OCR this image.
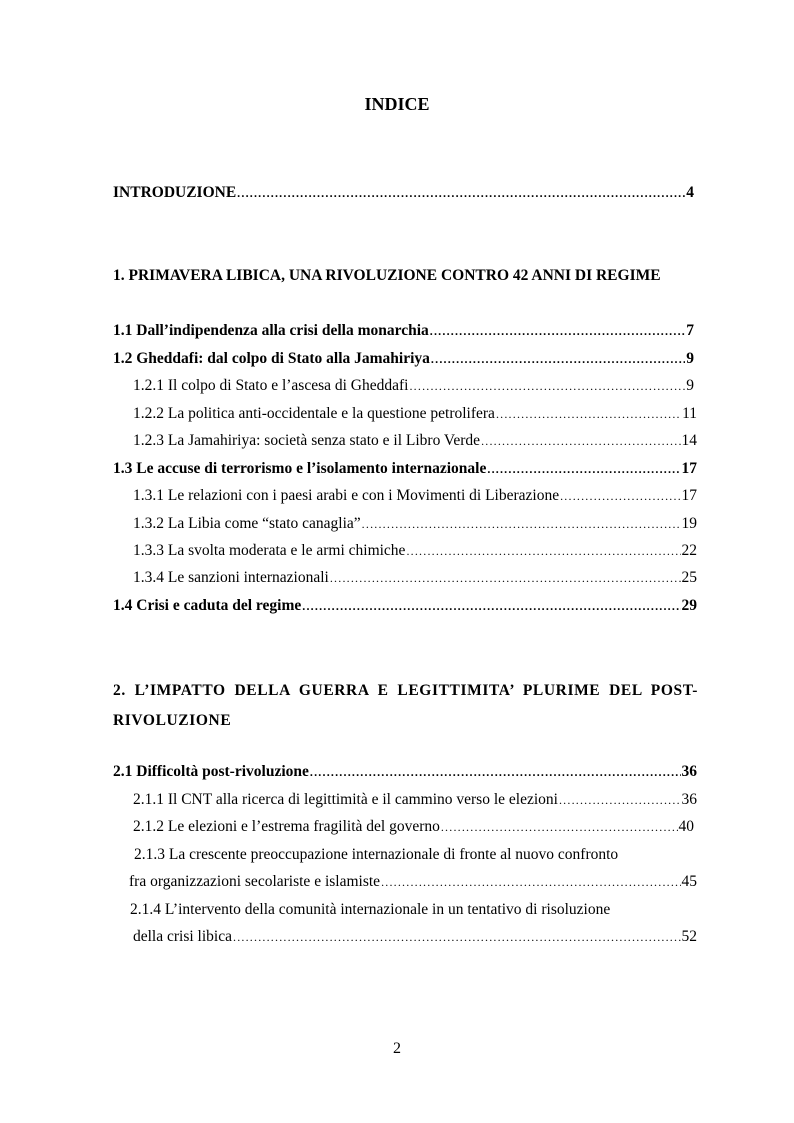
INDICE
INTRODUZIONE .....	4
1. PRIMAVERA LIBICA, UNA RIVOLUZIONE CONTRO 42 ANNI DI REGIME
1.1 Dall’indipendenza alla crisi della monarchia .....	7
1.2 Gheddafi: dal colpo di Stato alla Jamahiriya .....	9
1.2.1 Il colpo di Stato e l’ascesa di Gheddafi .....	9
1.2.2 La politica anti-occidentale e la questione petrolifera .....	11
1.2.3 La Jamahiriya: società senza stato e il Libro Verde .....	14
1.3 Le accuse di terrorismo e l’isolamento internazionale .....	17
1.3.1 Le relazioni con i paesi arabi e con i Movimenti di Liberazione .....	17
1.3.2 La Libia come “stato canaglia” .....	19
1.3.3 La svolta moderata e le armi chimiche .....	22
1.3.4 Le sanzioni internazionali .....	25
1.4 Crisi e caduta del regime .....	29
2. L’IMPATTO DELLA GUERRA E LEGITTIMITA’ PLURIME DEL POST-
RIVOLUZIONE
2.1 Difficoltà post-rivoluzione .....	36
2.1.1 Il CNT alla ricerca di legittimità e il cammino verso le elezioni .....	36
2.1.2 Le elezioni e l’estrema fragilità del governo .....	40
2.1.3 La crescente preoccupazione internazionale di fronte al nuovo confronto
fra organizzazioni secolariste e islamiste .....	45
2.1.4 L’intervento della comunità internazionale in un tentativo di risoluzione
della crisi libica .....	52
2
